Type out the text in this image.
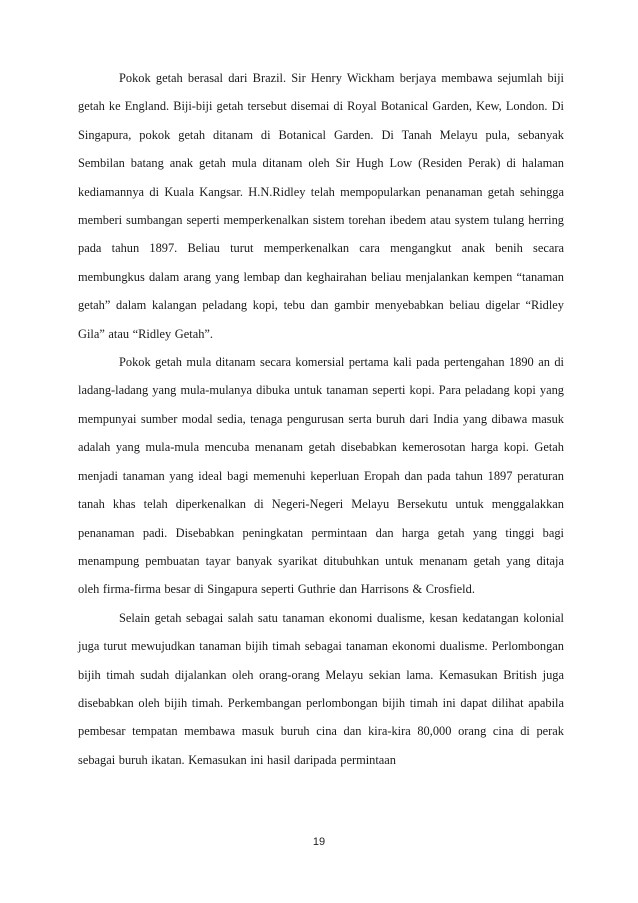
Pokok getah berasal dari Brazil. Sir Henry Wickham berjaya membawa sejumlah biji getah ke England. Biji-biji getah tersebut disemai di Royal Botanical Garden, Kew, London. Di Singapura, pokok getah ditanam di Botanical Garden. Di Tanah Melayu pula, sebanyak Sembilan batang anak getah mula ditanam oleh Sir Hugh Low (Residen Perak) di halaman kediamannya di Kuala Kangsar. H.N.Ridley telah mempopularkan penanaman getah sehingga memberi sumbangan seperti memperkenalkan sistem torehan ibedem atau system tulang herring pada tahun 1897. Beliau turut memperkenalkan cara mengangkut anak benih secara membungkus dalam arang yang lembap dan keghairahan beliau menjalankan kempen “tanaman getah” dalam kalangan peladang kopi, tebu dan gambir menyebabkan beliau digelar “Ridley Gila” atau “Ridley Getah”.

Pokok getah mula ditanam secara komersial pertama kali pada pertengahan 1890 an di ladang-ladang yang mula-mulanya dibuka untuk tanaman seperti kopi. Para peladang kopi yang mempunyai sumber modal sedia, tenaga pengurusan serta buruh dari India yang dibawa masuk adalah yang mula-mula mencuba menanam getah disebabkan kemerosotan harga kopi. Getah menjadi tanaman yang ideal bagi memenuhi keperluan Eropah dan pada tahun 1897 peraturan tanah khas telah diperkenalkan di Negeri-Negeri Melayu Bersekutu untuk menggalakkan penanaman padi. Disebabkan peningkatan permintaan dan harga getah yang tinggi bagi menampung pembuatan tayar banyak syarikat ditubuhkan untuk menanam getah yang ditaja oleh firma-firma besar di Singapura seperti Guthrie dan Harrisons & Crosfield.

Selain getah sebagai salah satu tanaman ekonomi dualisme, kesan kedatangan kolonial juga turut mewujudkan tanaman bijih timah sebagai tanaman ekonomi dualisme. Perlombongan bijih timah sudah dijalankan oleh orang-orang Melayu sekian lama. Kemasukan British juga disebabkan oleh bijih timah. Perkembangan perlombongan bijih timah ini dapat dilihat apabila pembesar tempatan membawa masuk buruh cina dan kira-kira 80,000 orang cina di perak sebagai buruh ikatan. Kemasukan ini hasil daripada permintaan

19
